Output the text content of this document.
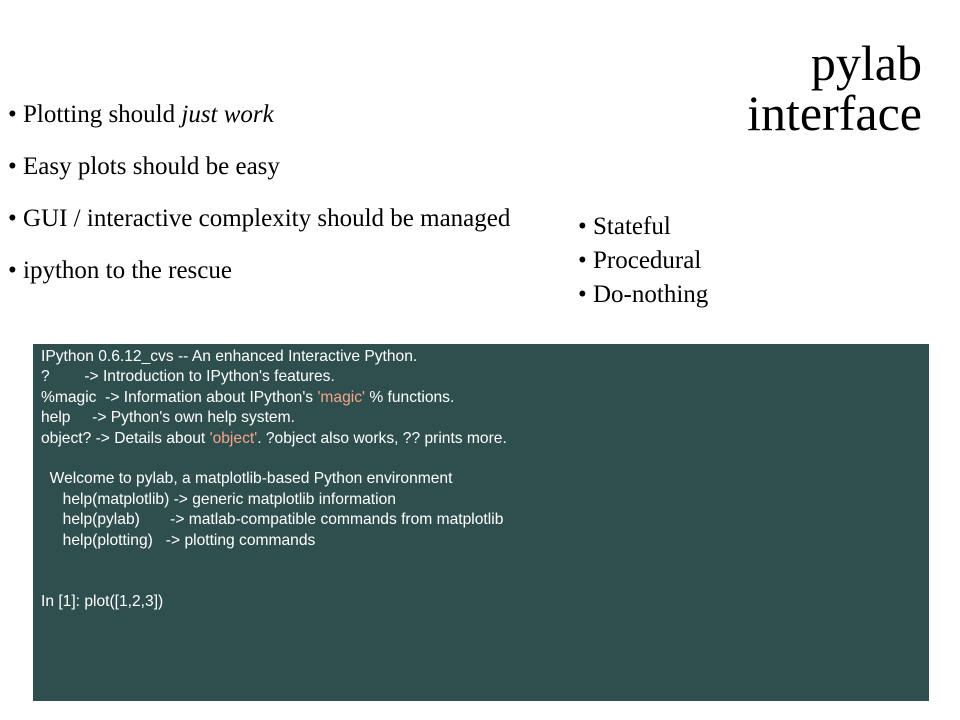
pylab
interface
• Plotting should just work
• Easy plots should be easy
• GUI / interactive complexity should be managed
• ipython to the rescue
• Stateful
• Procedural
• Do-nothing
IPython 0.6.12_cvs -- An enhanced Interactive Python.
?        -> Introduction to IPython's features.
%magic  -> Information about IPython's 'magic' % functions.
help     -> Python's own help system.
object? -> Details about 'object'. ?object also works, ?? prints more.
Welcome to pylab, a matplotlib-based Python environment
help(matplotlib) -> generic matplotlib information
help(pylab)       -> matlab-compatible commands from matplotlib
help(plotting)   -> plotting commands
In [1]: plot([1,2,3])
